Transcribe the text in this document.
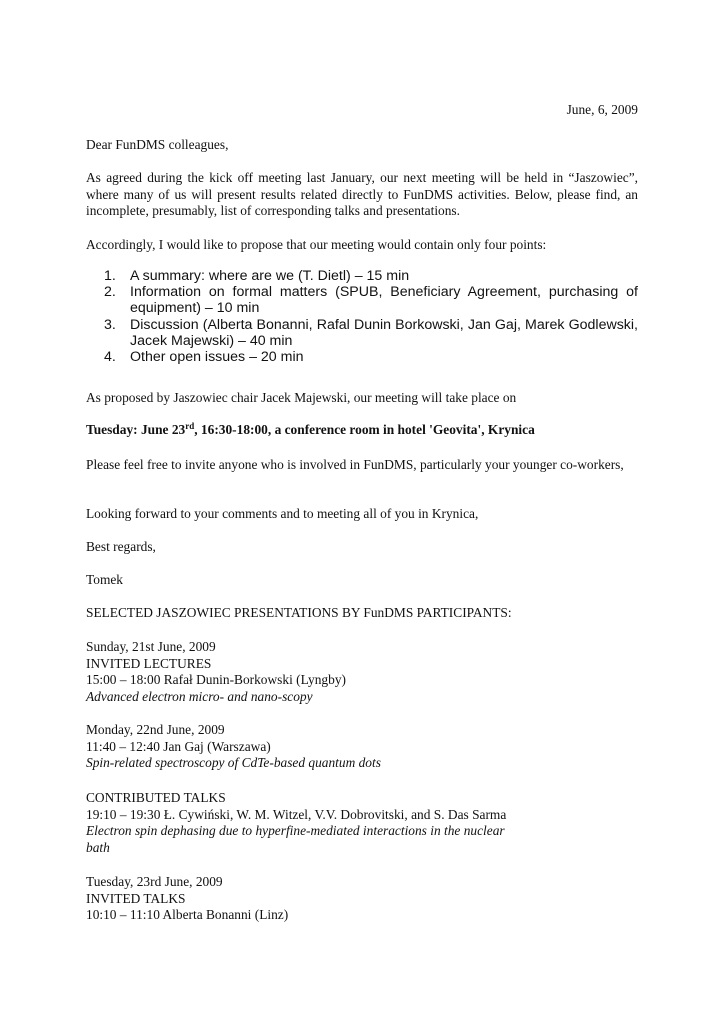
June, 6, 2009

Dear FunDMS colleagues,

As agreed during the kick off meeting last January, our next meeting will be held in “Jaszowiec”, where many of us will present results related directly to FunDMS activities. Below, please find, an incomplete, presumably, list of corresponding talks and presentations.

Accordingly, I would like to propose that our meeting would contain only four points:

1. A summary: where are we (T. Dietl) – 15 min
2. Information on formal matters (SPUB, Beneficiary Agreement, purchasing of equipment) – 10 min
3. Discussion (Alberta Bonanni, Rafal Dunin Borkowski, Jan Gaj, Marek Godlewski, Jacek Majewski) – 40 min
4. Other open issues – 20 min

As proposed by Jaszowiec chair Jacek Majewski, our meeting will take place on

Tuesday: June 23rd, 16:30-18:00, a conference room in hotel 'Geovita', Krynica

Please feel free to invite anyone who is involved in FunDMS, particularly your younger co-workers,

Looking forward to your comments and to meeting all of you in Krynica,

Best regards,

Tomek

SELECTED JASZOWIEC PRESENTATIONS BY FunDMS PARTICIPANTS:

Sunday, 21st June, 2009
INVITED LECTURES
15:00 – 18:00 Rafał Dunin-Borkowski (Lyngby)
Advanced electron micro- and nano-scopy
Monday, 22nd June, 2009
11:40 – 12:40 Jan Gaj (Warszawa)
Spin-related spectroscopy of CdTe-based quantum dots
CONTRIBUTED TALKS
19:10 – 19:30 Ł. Cywiński, W. M. Witzel, V.V. Dobrovitski, and S. Das Sarma
Electron spin dephasing due to hyperfine-mediated interactions in the nuclear
bath
Tuesday, 23rd June, 2009
INVITED TALKS
10:10 – 11:10 Alberta Bonanni (Linz)
